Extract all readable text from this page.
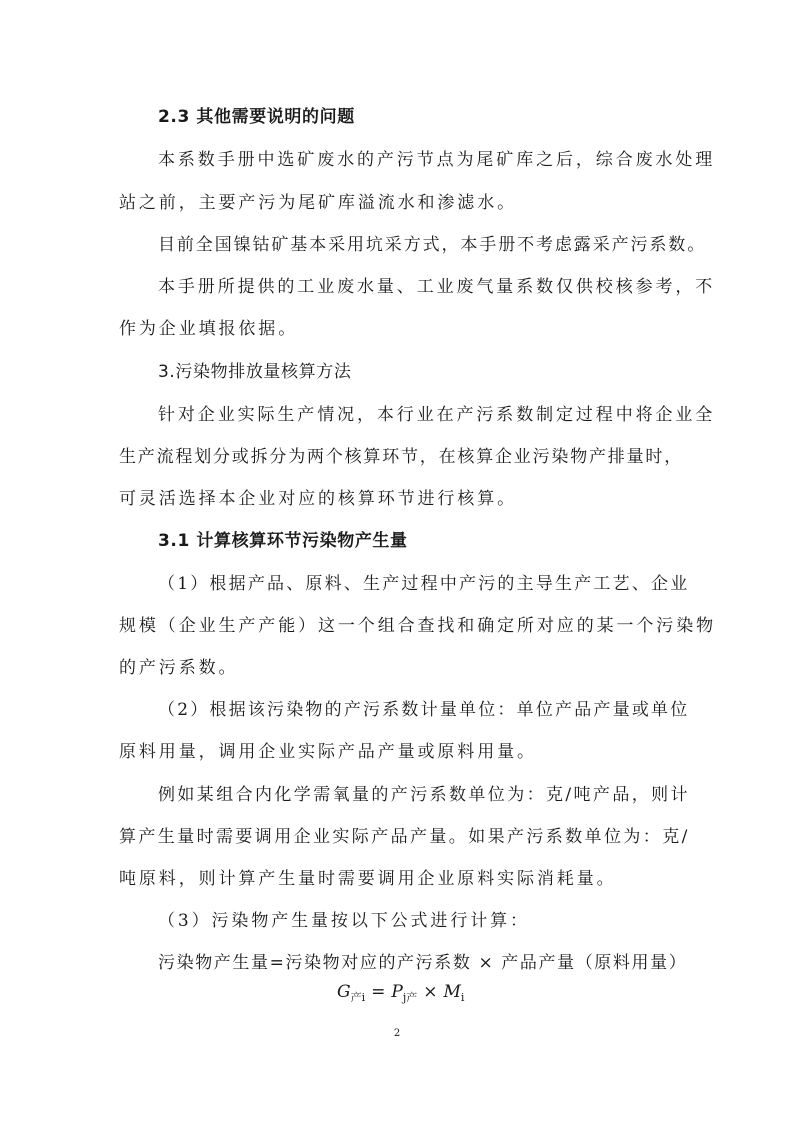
2.3 其他需要说明的问题
本系数手册中选矿废水的产污节点为尾矿库之后，综合废水处理
站之前，主要产污为尾矿库溢流水和渗滤水。
目前全国镍钴矿基本采用坑采方式，本手册不考虑露采产污系数。
本手册所提供的工业废水量、工业废气量系数仅供校核参考，不
作为企业填报依据。
3.污染物排放量核算方法
针对企业实际生产情况，本行业在产污系数制定过程中将企业全
生产流程划分或拆分为两个核算环节，在核算企业污染物产排量时，
可灵活选择本企业对应的核算环节进行核算。
3.1 计算核算环节污染物产生量
（1）根据产品、原料、生产过程中产污的主导生产工艺、企业
规模（企业生产产能）这一个组合查找和确定所对应的某一个污染物
的产污系数。
（2）根据该污染物的产污系数计量单位：单位产品产量或单位
原料用量，调用企业实际产品产量或原料用量。
例如某组合内化学需氧量的产污系数单位为：克/吨产品，则计
算产生量时需要调用企业实际产品产量。如果产污系数单位为：克/
吨原料，则计算产生量时需要调用企业原料实际消耗量。
（3）污染物产生量按以下公式进行计算：
污染物产生量=污染物对应的产污系数 × 产品产量（原料用量）
$G_{产i} = P_{j产} \times M_i$
2
